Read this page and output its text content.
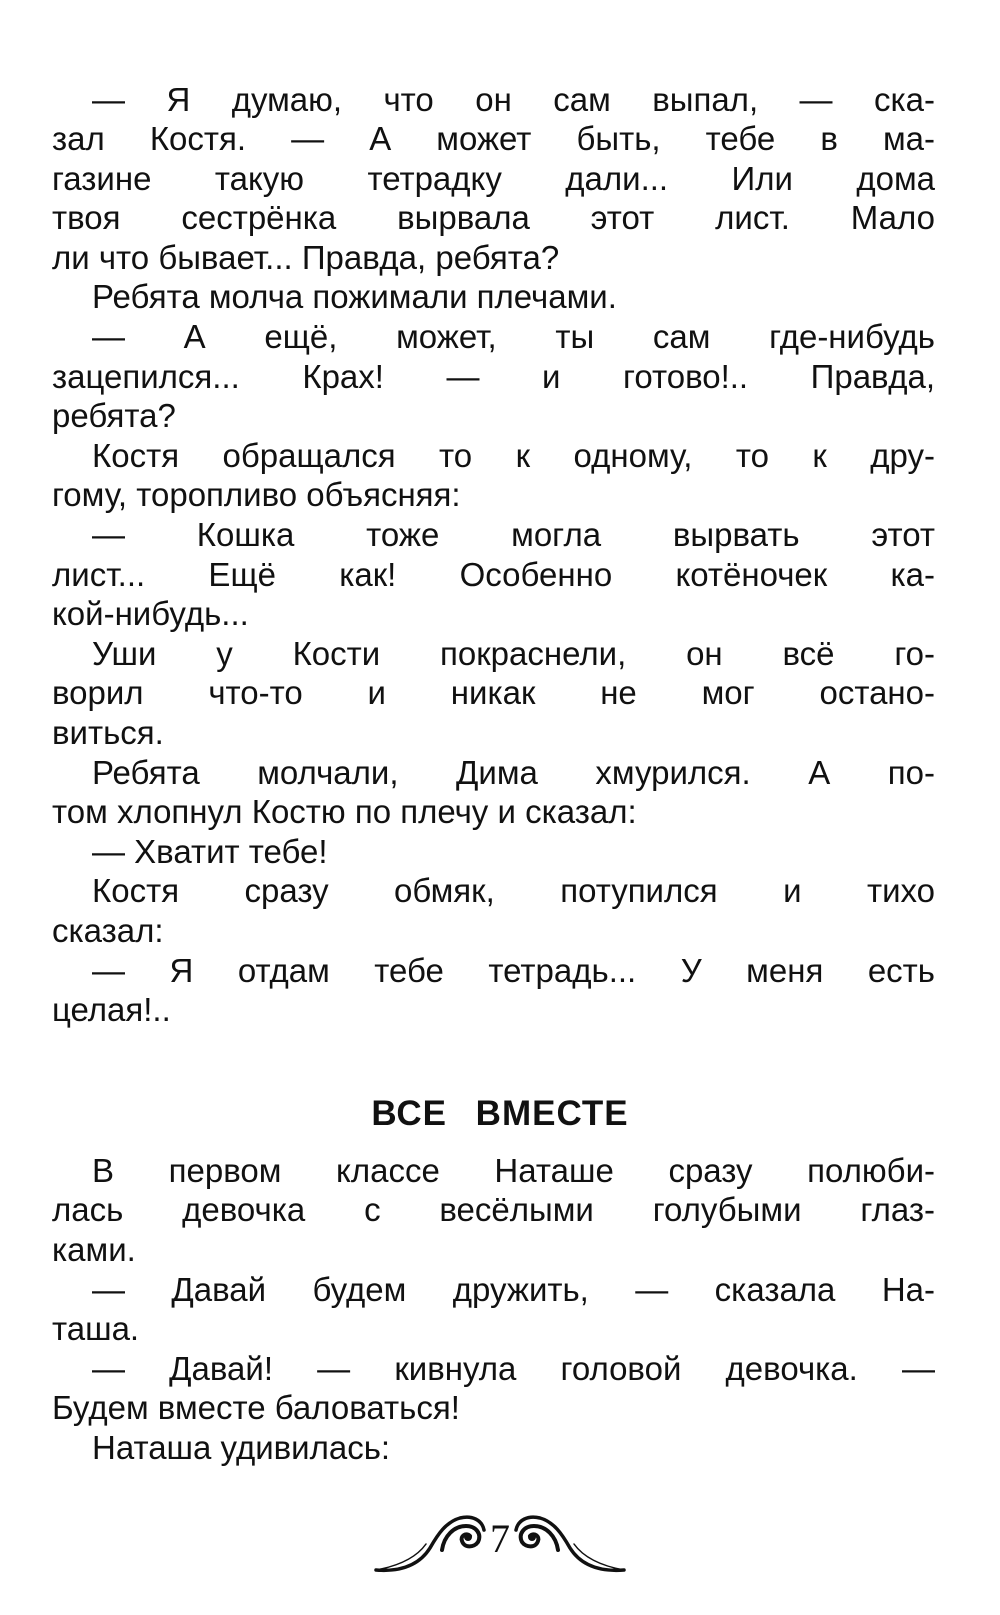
— Я думаю, что он сам выпал, — ска-
зал Костя. — А может быть, тебе в ма-
газине такую тетрадку дали... Или дома
твоя сестрёнка вырвала этот лист. Мало
ли что бывает... Правда, ребята?
Ребята молча пожимали плечами.
— А ещё, может, ты сам где-нибудь
зацепился... Крах! — и готово!.. Правда,
ребята?
Костя обращался то к одному, то к дру-
гому, торопливо объясняя:
— Кошка тоже могла вырвать этот
лист... Ещё как! Особенно котёночек ка-
кой-нибудь...
Уши у Кости покраснели, он всё го-
ворил что-то и никак не мог остано-
виться.
Ребята молчали, Дима хмурился. А по-
том хлопнул Костю по плечу и сказал:
— Хватит тебе!
Костя сразу обмяк, потупился и тихо
сказал:
— Я отдам тебе тетрадь... У меня есть
целая!..
ВСЕ ВМЕСТЕ
В первом классе Наташе сразу полюби-
лась девочка с весёлыми голубыми глаз-
ками.
— Давай будем дружить, — сказала На-
таша.
— Давай! — кивнула головой девочка. —
Будем вместе баловаться!
Наташа удивилась:
7
